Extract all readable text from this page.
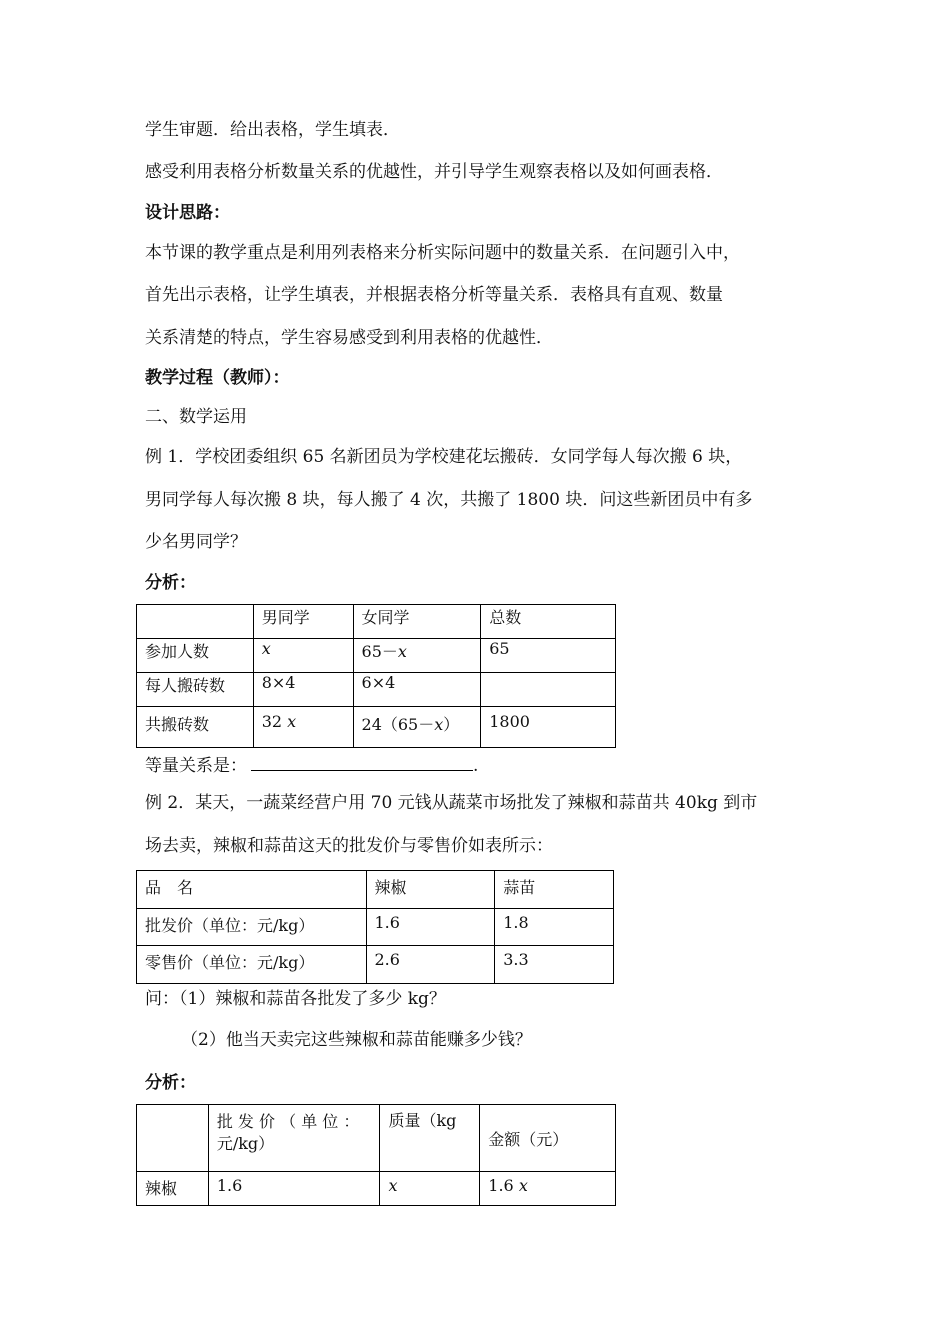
学生审题．给出表格，学生填表．
感受利用表格分析数量关系的优越性，并引导学生观察表格以及如何画表格．
设计思路：
本节课的教学重点是利用列表格来分析实际问题中的数量关系．在问题引入中，
首先出示表格，让学生填表，并根据表格分析等量关系．表格具有直观、数量
关系清楚的特点，学生容易感受到利用表格的优越性．
教学过程（教师）：
二、数学运用
例 1．学校团委组织 65 名新团员为学校建花坛搬砖．女同学每人每次搬 6 块，
男同学每人每次搬 8 块，每人搬了 4 次，共搬了 1800 块．问这些新团员中有多
少名男同学？
分析：
	男同学	女同学	总数
参加人数	x	65－x	65
每人搬砖数	8×4	6×4	
共搬砖数	32 x	24（65－x）	1800
等量关系是：	.
例 2．某天，一蔬菜经营户用 70 元钱从蔬菜市场批发了辣椒和蒜苗共 40kg 到市
场去卖，辣椒和蒜苗这天的批发价与零售价如表所示：
品　名	辣椒	蒜苗
批发价（单位：元/kg）	1.6	1.8
零售价（单位：元/kg）	2.6	3.3
问：（1）辣椒和蒜苗各批发了多少 kg？
（2）他当天卖完这些辣椒和蒜苗能赚多少钱？
分析：

	批 发 价 （ 单 位 ：
元/kg）	质量（kg	金额（元）
辣椒	1.6	x	1.6 x
